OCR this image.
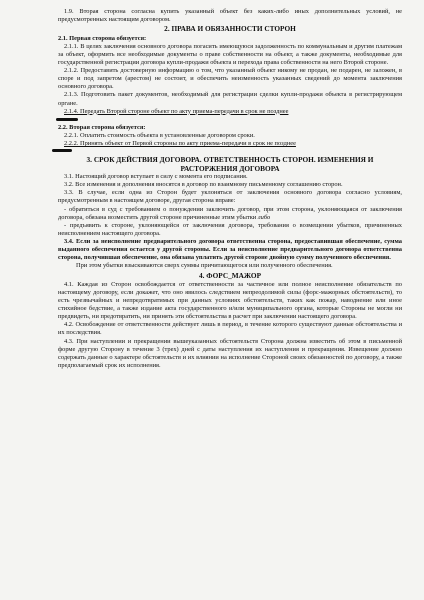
1.9. Вторая сторона согласна купить указанный объект без каких-либо иных дополнительных условий, не предусмотренных настоящим договором.

2. ПРАВА И ОБЯЗАННОСТИ СТОРОН
2.1. Первая сторона обязуется:

2.1.1. В целях заключения основного договора погасить имеющуюся задолженность по коммунальным и другим платежам за объект, оформить все необходимые документы о праве собственности на объект, а также документы, необходимые для государственной регистрации договора купли-продажи объекта и перехода права собственности на него Второй стороне.

2.1.2. Предоставить достоверную информацию о том, что указанный объект никому не продан, не подарен, не заложен, в споре и под запретом (арестом) не состоит, и обеспечить неизменность указанных сведений до момента заключения основного договора.

2.1.3. Подготовить пакет документов, необходимый для регистрации сделки купли-продажи объекта в регистрирующем органе.

2.1.4. Передать Второй стороне объект по акту приема-передачи в срок не позднее

2.2. Вторая сторона обязуется:

2.2.1. Оплатить стоимость объекта в установленные договором сроки.

2.2.2. Принять объект от Первой стороны по акту приема-передачи в срок не позднее

3. СРОК ДЕЙСТВИЯ ДОГОВОРА. ОТВЕТСТВЕННОСТЬ СТОРОН. ИЗМЕНЕНИЯ И РАСТОРЖЕНИЯ ДОГОВОРА

3.1. Настоящий договор вступает в силу с момента его подписания.

3.2. Все изменения и дополнения вносятся в договор по взаимному письменному соглашению сторон.

3.3. В случае, если одна из Сторон будет уклоняться от заключения основного договора согласно условиям, предусмотренным в настоящем договоре, другая сторона вправе:

- обратиться в суд с требованием о понуждении заключить договор, при этом сторона, уклоняющаяся от заключения договора, обязана возместить другой стороне причиненные этим убытки либо

- предъявить к стороне, уклоняющейся от заключения договора, требования о возмещении убытков, причиненных неисполнением настоящего договора.

3.4. Если за неисполнение предварительного договора ответственна сторона, предоставившая обеспечение, сумма выданного обеспечения остается у другой стороны. Если за неисполнение предварительного договора ответственна сторона, получившая обеспечение, она обязана уплатить другой стороне двойную сумму полученного обеспечения.

При этом убытки взыскиваются сверх суммы причитающегося или полученного обеспечения.

4. ФОРС_МАЖОР

4.1. Каждая из Сторон освобождается от ответственности за частичное или полное неисполнение обязательств по настоящему договору, если докажет, что оно явилось следствием непреодолимой силы (форс-мажорных обстоятельств), то есть чрезвычайных и непредотвратимых при данных условиях обстоятельств, таких как пожар, наводнение или иное стихийное бедствие, а также издание акта государственного и/или муниципального органа, которые Стороны не могли ни предвидеть, ни предотвратить, ни принять эти обстоятельства в расчет при заключении настоящего договора.

4.2. Освобождение от ответственности действует лишь в период, в течение которого существуют данные обстоятельства и их последствия.

4.3. При наступлении и прекращении вышеуказанных обстоятельств Сторона должна известить об этом в письменной форме другую Сторону в течение 3 (трех) дней с даты наступления их наступления и прекращения. Извещение должно содержать данные о характере обстоятельств и их влиянии на исполнение Стороной своих обязанностей по договору, а также предполагаемый срок их исполнения.
